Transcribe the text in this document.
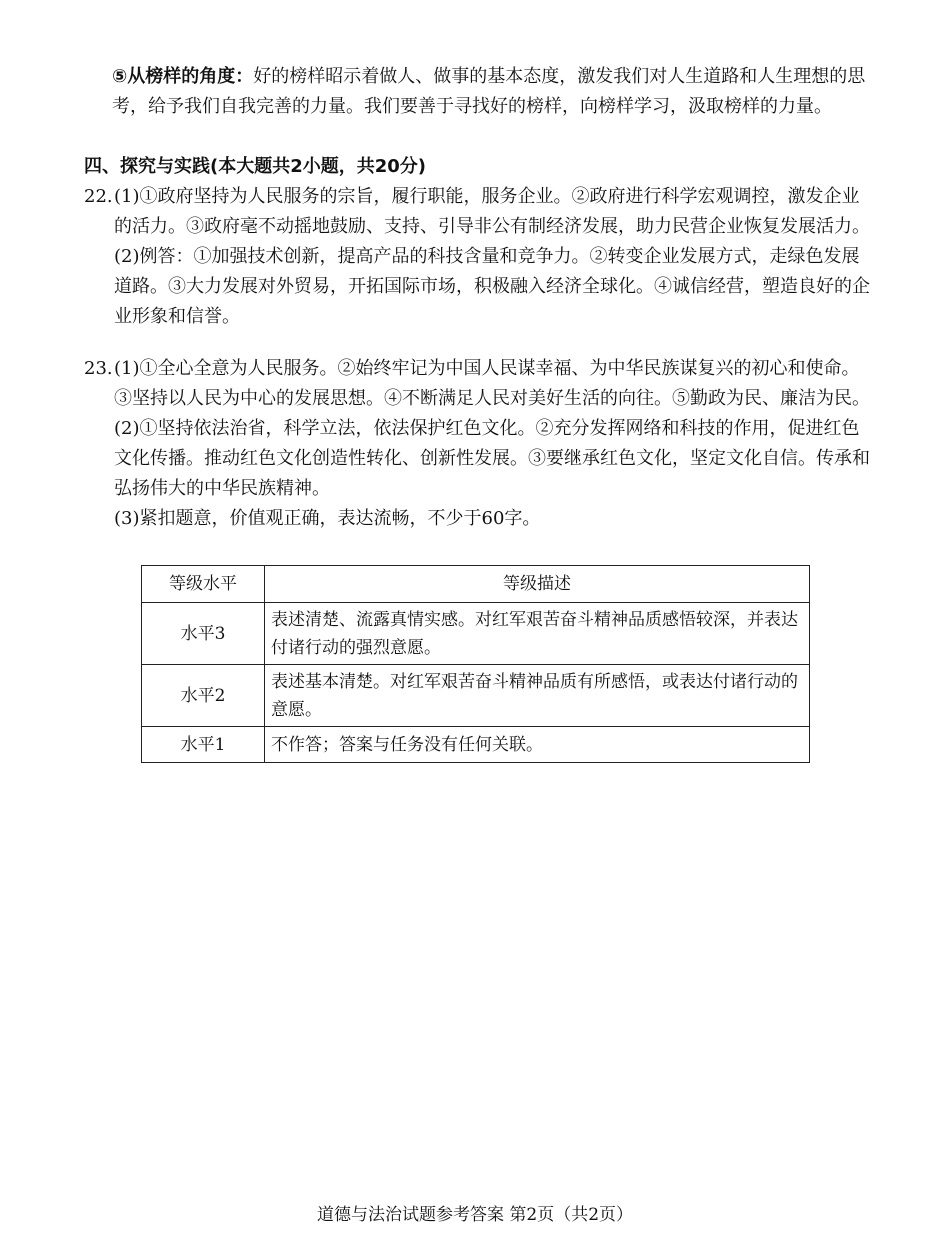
⑤从榜样的角度：好的榜样昭示着做人、做事的基本态度，激发我们对人生道路和人生理想的思考，给予我们自我完善的力量。我们要善于寻找好的榜样，向榜样学习，汲取榜样的力量。
四、探究与实践(本大题共2小题，共20分)
22. (1)①政府坚持为人民服务的宗旨，履行职能，服务企业。②政府进行科学宏观调控，激发企业的活力。③政府毫不动摇地鼓励、支持、引导非公有制经济发展，助力民营企业恢复发展活力。
(2)例答：①加强技术创新，提高产品的科技含量和竞争力。②转变企业发展方式，走绿色发展道路。③大力发展对外贸易，开拓国际市场，积极融入经济全球化。④诚信经营，塑造良好的企业形象和信誉。
23. (1)①全心全意为人民服务。②始终牢记为中国人民谋幸福、为中华民族谋复兴的初心和使命。③坚持以人民为中心的发展思想。④不断满足人民对美好生活的向往。⑤勤政为民、廉洁为民。
(2)①坚持依法治省，科学立法，依法保护红色文化。②充分发挥网络和科技的作用，促进红色文化传播。推动红色文化创造性转化、创新性发展。③要继承红色文化，坚定文化自信。传承和弘扬伟大的中华民族精神。
(3)紧扣题意，价值观正确，表达流畅，不少于60字。
等级水平	等级描述
水平3	表述清楚、流露真情实感。对红军艰苦奋斗精神品质感悟较深，并表达付诸行动的强烈意愿。
水平2	表述基本清楚。对红军艰苦奋斗精神品质有所感悟，或表达付诸行动的意愿。
水平1	不作答；答案与任务没有任何关联。
道德与法治试题参考答案 第2页（共2页）
